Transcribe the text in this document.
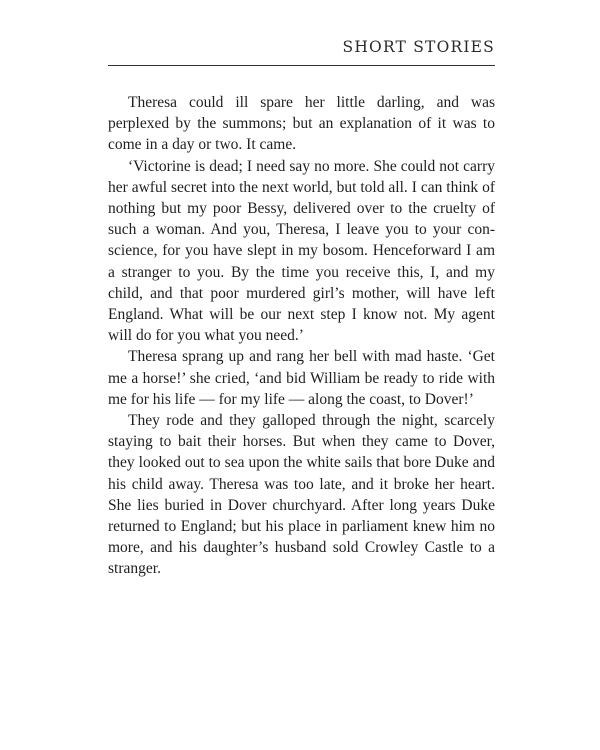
SHORT STORIES

Theresa could ill spare her little darling, and was perplexed by the summons; but an explanation of it was to come in a day or two. It came.

‘Victorine is dead; I need say no more. She could not carry her awful secret into the next world, but told all. I can think of nothing but my poor Bessy, delivered over to the cruelty of such a woman. And you, Theresa, I leave you to your conscience, for you have slept in my bosom. Henceforward I am a stranger to you. By the time you receive this, I, and my child, and that poor murdered girl’s mother, will have left England. What will be our next step I know not. My agent will do for you what you need.’

Theresa sprang up and rang her bell with mad haste. ‘Get me a horse!’ she cried, ‘and bid William be ready to ride with me for his life — for my life — along the coast, to Dover!’

They rode and they galloped through the night, scarcely staying to bait their horses. But when they came to Dover, they looked out to sea upon the white sails that bore Duke and his child away. Theresa was too late, and it broke her heart. She lies buried in Dover churchyard. After long years Duke returned to England; but his place in parliament knew him no more, and his daughter’s husband sold Crowley Castle to a stranger.
